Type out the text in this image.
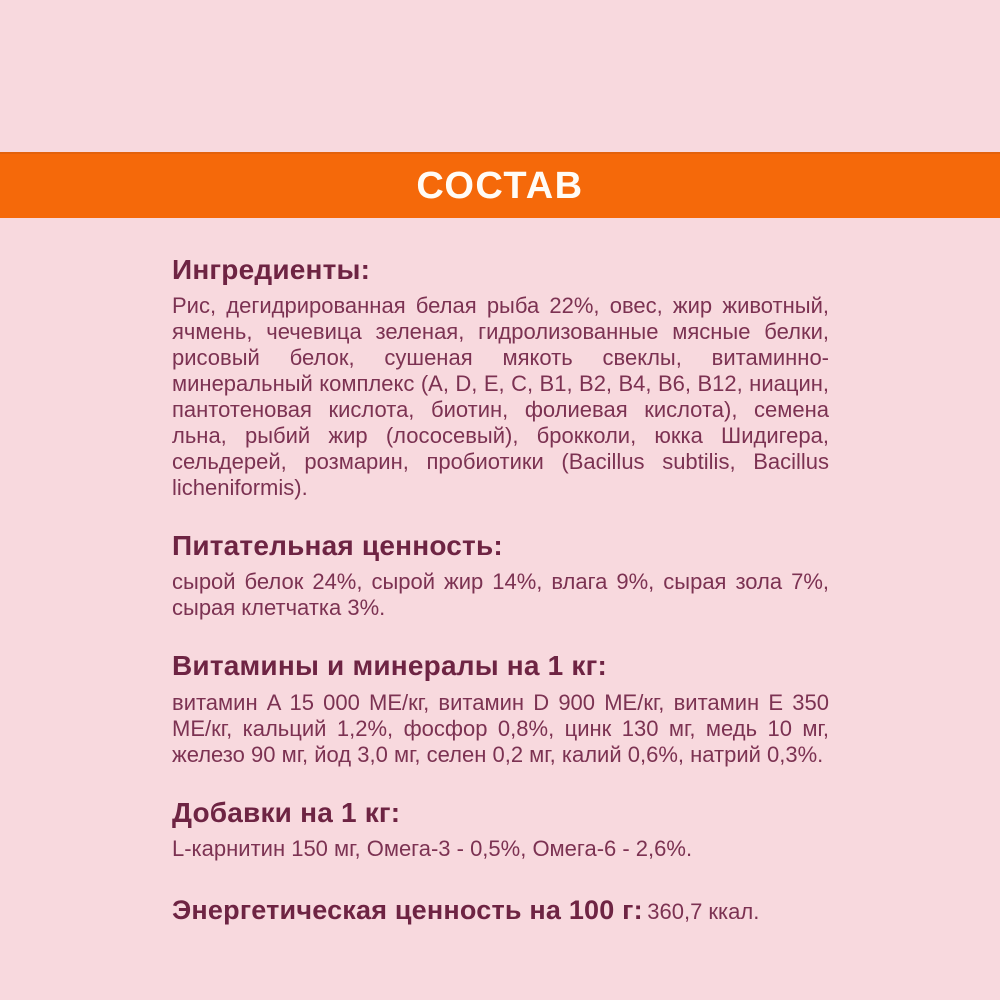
СОСТАВ
Ингредиенты:

Рис, дегидрированная белая рыба 22%, овес, жир животный, ячмень, чечевица зеленая, гидролизованные мясные белки, рисовый белок, сушеная мякоть свеклы, витаминно-минеральный комплекс (A, D, E, C, B1, B2, B4, B6, B12, ниацин, пантотеновая кислота, биотин, фолиевая кислота), семена льна, рыбий жир (лососевый), брокколи, юкка Шидигера, сельдерей, розмарин, пробиотики (Bacillus subtilis, Bacillus licheniformis).

Питательная ценность:

сырой белок 24%, сырой жир 14%, влага 9%, сырая зола 7%, сырая клетчатка 3%.

Витамины и минералы на 1 кг:

витамин A 15 000 МЕ/кг, витамин D 900 МЕ/кг, витамин E 350 МЕ/кг, кальций 1,2%, фосфор 0,8%, цинк 130 мг, медь 10 мг, железо 90 мг, йод 3,0 мг, селен 0,2 мг, калий 0,6%, натрий 0,3%.

Добавки на 1 кг:

L-карнитин 150 мг, Омега-3 - 0,5%, Омега-6 - 2,6%.

Энергетическая ценность на 100 г: 360,7 ккал.
